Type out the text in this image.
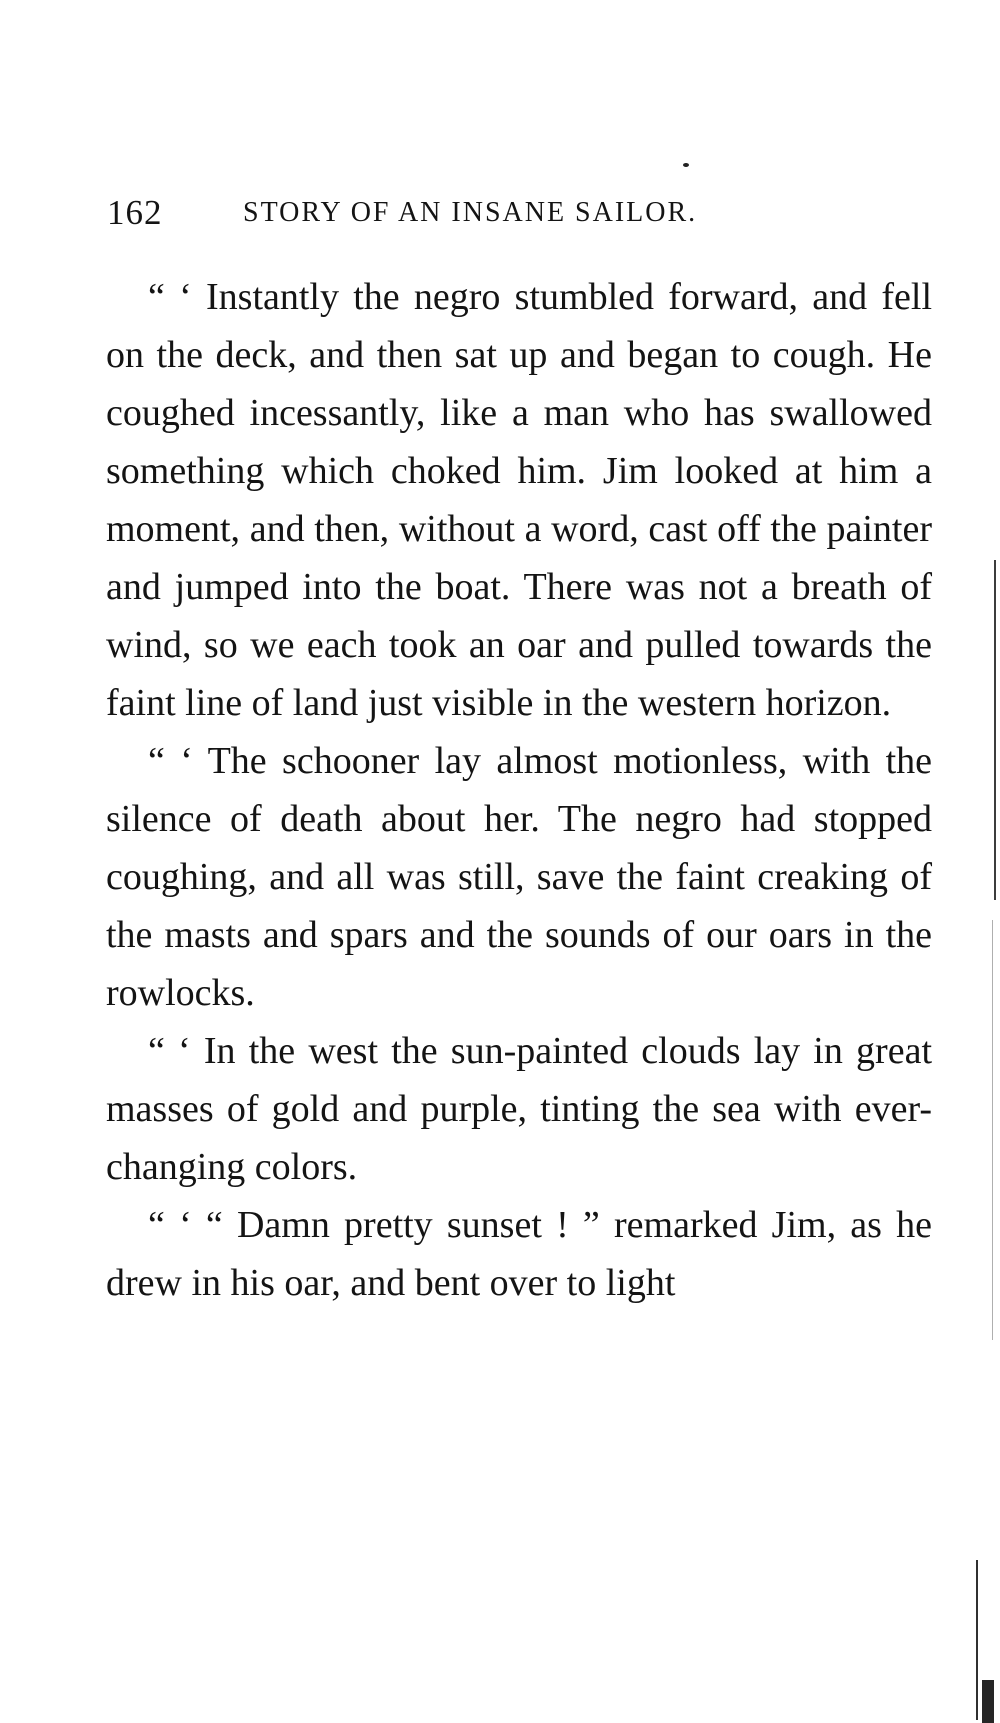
162	STORY OF AN INSANE SAILOR.

“ ‘ Instantly the negro stumbled forward, and fell on the deck, and then sat up and began to cough. He coughed incessantly, like a man who has swallowed something which choked him. Jim looked at him a moment, and then, without a word, cast off the painter and jumped into the boat. There was not a breath of wind, so we each took an oar and pulled towards the faint line of land just visible in the western horizon.

“ ‘ The schooner lay almost motionless, with the silence of death about her. The negro had stopped coughing, and all was still, save the faint creaking of the masts and spars and the sounds of our oars in the rowlocks.

“ ‘ In the west the sun-painted clouds lay in great masses of gold and purple, tinting the sea with ever-changing colors.

“ ‘ “ Damn pretty sunset ! ” remarked Jim, as he drew in his oar, and bent over to light
